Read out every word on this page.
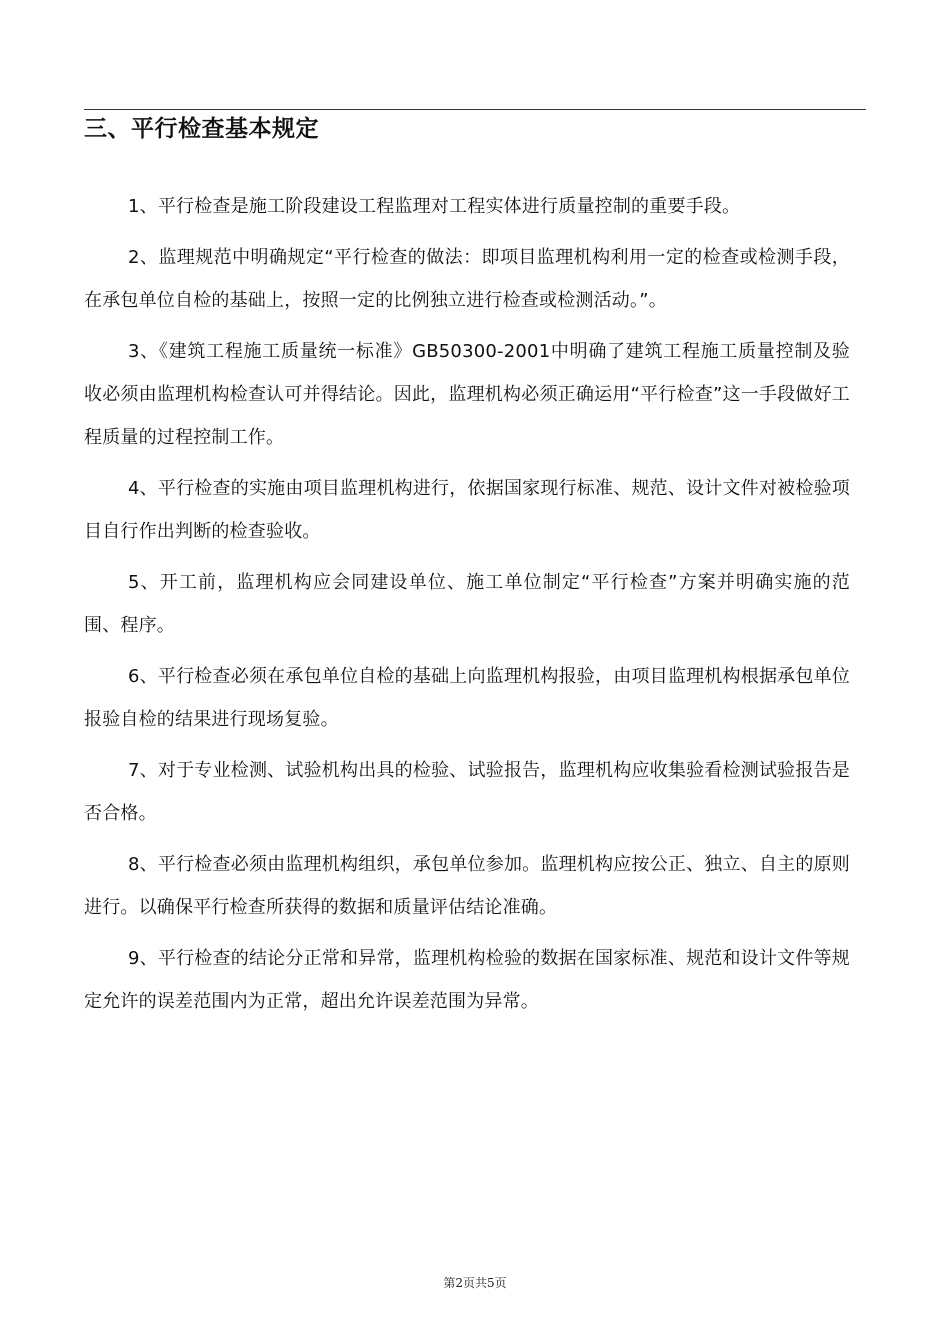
三、平行检查基本规定

1、平行检查是施工阶段建设工程监理对工程实体进行质量控制的重要手段。

2、监理规范中明确规定“平行检查的做法：即项目监理机构利用一定的检查或检测手段，在承包单位自检的基础上，按照一定的比例独立进行检查或检测活动。”。

3、《建筑工程施工质量统一标准》GB50300-2001中明确了建筑工程施工质量控制及验收必须由监理机构检查认可并得结论。因此，监理机构必须正确运用“平行检查”这一手段做好工程质量的过程控制工作。

4、平行检查的实施由项目监理机构进行，依据国家现行标准、规范、设计文件对被检验项目自行作出判断的检查验收。

5、开工前，监理机构应会同建设单位、施工单位制定“平行检查”方案并明确实施的范围、程序。

6、平行检查必须在承包单位自检的基础上向监理机构报验，由项目监理机构根据承包单位报验自检的结果进行现场复验。

7、对于专业检测、试验机构出具的检验、试验报告，监理机构应收集验看检测试验报告是否合格。

8、平行检查必须由监理机构组织，承包单位参加。监理机构应按公正、独立、自主的原则进行。以确保平行检查所获得的数据和质量评估结论准确。

9、平行检查的结论分正常和异常，监理机构检验的数据在国家标准、规范和设计文件等规定允许的误差范围内为正常，超出允许误差范围为异常。

第2页共5页
